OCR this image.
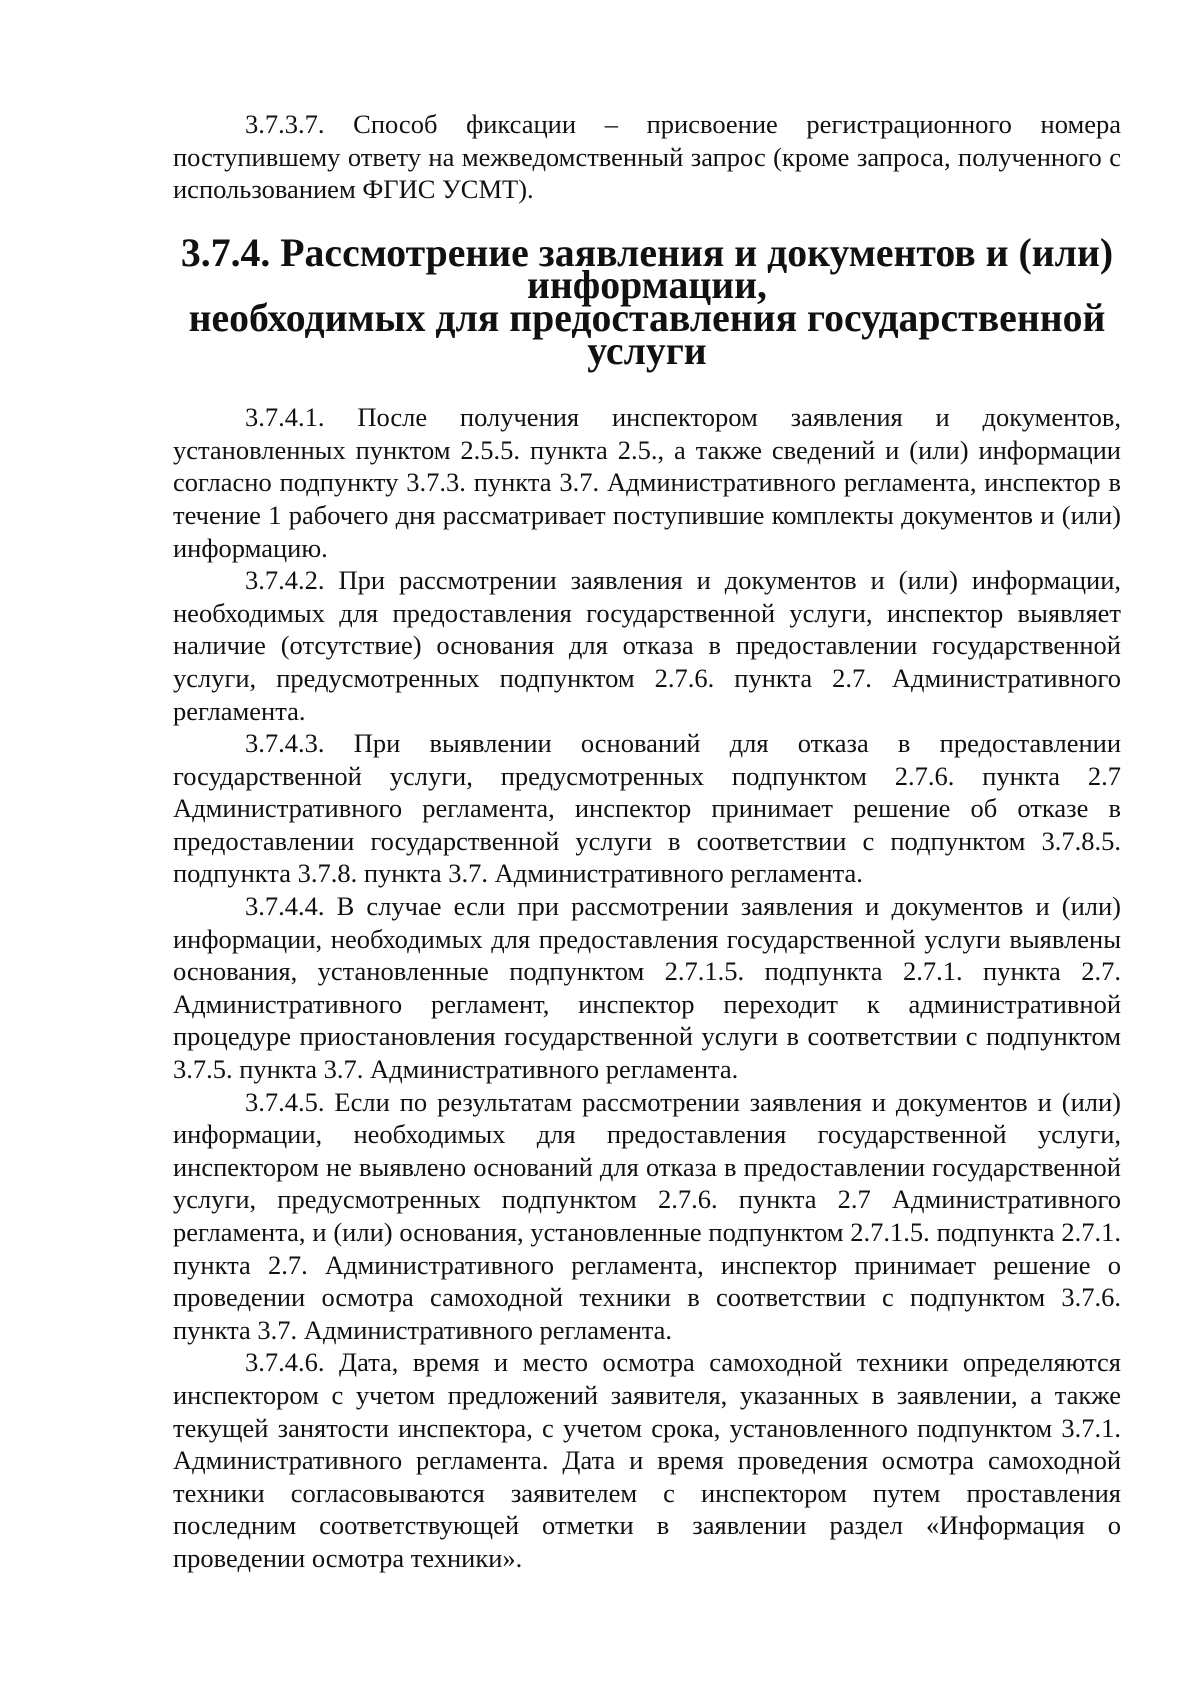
3.7.3.7. Способ фиксации – присвоение регистрационного номера поступившему ответу на межведомственный запрос (кроме запроса, полученного с использованием ФГИС УСМТ).

3.7.4. Рассмотрение заявления и документов и (или) информации,
необходимых для предоставления государственной услуги

3.7.4.1. После получения инспектором заявления и документов, установленных пунктом 2.5.5. пункта 2.5., а также сведений и (или) информации согласно подпункту 3.7.3. пункта 3.7. Административного регламента, инспектор в течение 1 рабочего дня рассматривает поступившие комплекты документов и (или) информацию.

3.7.4.2. При рассмотрении заявления и документов и (или) информации, необходимых для предоставления государственной услуги, инспектор выявляет наличие (отсутствие) основания для отказа в предоставлении государственной услуги, предусмотренных подпунктом 2.7.6. пункта 2.7. Административного регламента.

3.7.4.3. При выявлении оснований для отказа в предоставлении государственной услуги, предусмотренных подпунктом 2.7.6. пункта 2.7 Административного регламента, инспектор принимает решение об отказе в предоставлении государственной услуги в соответствии с подпунктом 3.7.8.5. подпункта 3.7.8. пункта 3.7. Административного регламента.

3.7.4.4. В случае если при рассмотрении заявления и документов и (или) информации, необходимых для предоставления государственной услуги выявлены основания, установленные подпунктом 2.7.1.5. подпункта 2.7.1. пункта 2.7. Административного регламент, инспектор переходит к административной процедуре приостановления государственной услуги в соответствии с подпунктом 3.7.5. пункта 3.7. Административного регламента.

3.7.4.5. Если по результатам рассмотрении заявления и документов и (или) информации, необходимых для предоставления государственной услуги, инспектором не выявлено оснований для отказа в предоставлении государственной услуги, предусмотренных подпунктом 2.7.6. пункта 2.7 Административного регламента, и (или) основания, установленные подпунктом 2.7.1.5. подпункта 2.7.1. пункта 2.7. Административного регламента, инспектор принимает решение о проведении осмотра самоходной техники в соответствии с подпунктом 3.7.6. пункта 3.7. Административного регламента.

3.7.4.6. Дата, время и место осмотра самоходной техники определяются инспектором с учетом предложений заявителя, указанных в заявлении, а также текущей занятости инспектора, с учетом срока, установленного подпунктом 3.7.1. Административного регламента. Дата и время проведения осмотра самоходной техники согласовываются заявителем с инспектором путем проставления последним соответствующей отметки в заявлении раздел «Информация о проведении осмотра техники».
